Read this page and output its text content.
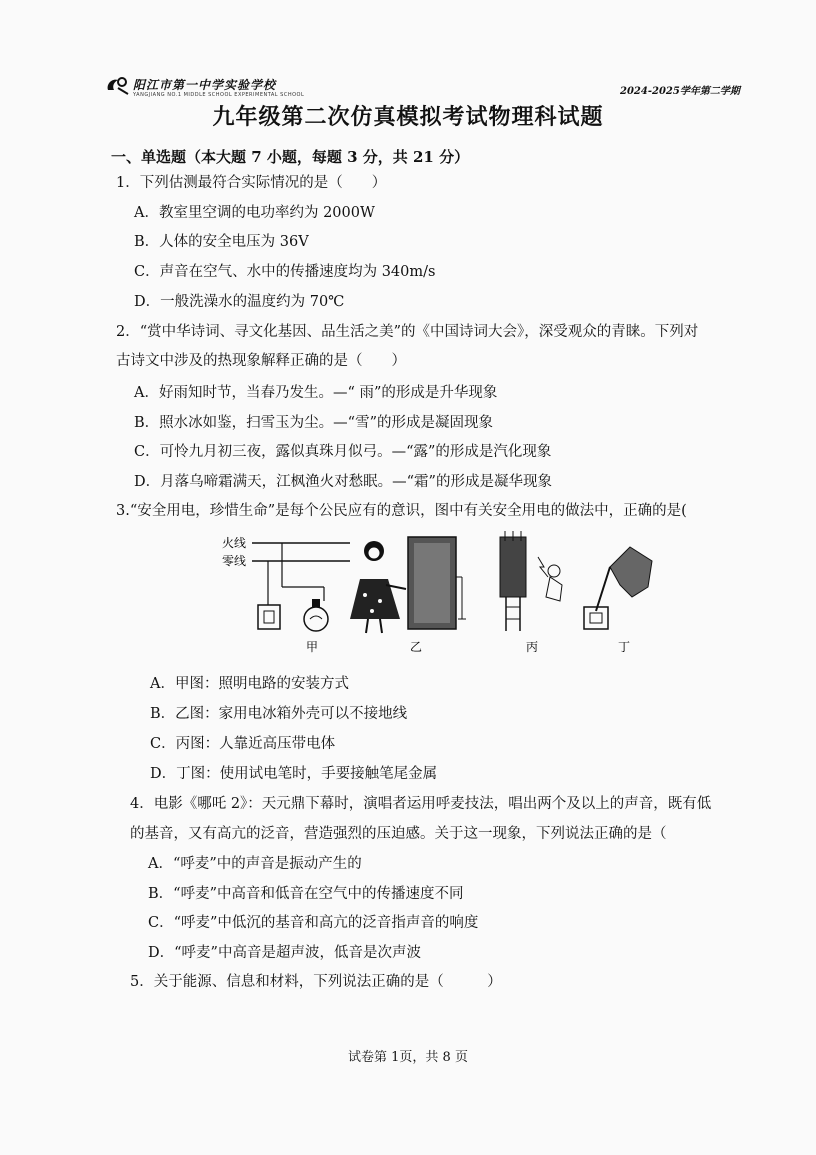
阳江市第一中学实验学校
YANGJIANG NO.1 MIDDLE SCHOOL EXPERIMENTAL SCHOOL	2024-2025学年第二学期
九年级第二次仿真模拟考试物理科试题
一、单选题（本大题 7 小题，每题 3 分，共 21 分）
1．下列估测最符合实际情况的是（　　）
A．教室里空调的电功率约为 2000W
B．人体的安全电压为 36V
C．声音在空气、水中的传播速度均为 340m/s
D．一般洗澡水的温度约为 70℃
2．“赏中华诗词、寻文化基因、品生活之美”的《中国诗词大会》，深受观众的青睐。下列对
古诗文中涉及的热现象解释正确的是（　　）
A．好雨知时节，当春乃发生。—“ 雨”的形成是升华现象
B．照水冰如鉴，扫雪玉为尘。—“雪”的形成是凝固现象
C．可怜九月初三夜，露似真珠月似弓。—“露”的形成是汽化现象
D．月落乌啼霜满天，江枫渔火对愁眠。—“霜”的形成是凝华现象
3.“安全用电，珍惜生命”是每个公民应有的意识，图中有关安全用电的做法中，正确的是(
火线
零线
甲	乙	丙	丁
A．甲图：照明电路的安装方式
B．乙图：家用电冰箱外壳可以不接地线
C．丙图：人靠近高压带电体
D．丁图：使用试电笔时，手要接触笔尾金属
4．电影《哪吒 2》：天元鼎下幕时，演唱者运用呼麦技法，唱出两个及以上的声音，既有低
的基音，又有高亢的泛音，营造强烈的压迫感。关于这一现象，下列说法正确的是（
A．“呼麦”中的声音是振动产生的
B．“呼麦”中高音和低音在空气中的传播速度不同
C．“呼麦”中低沉的基音和高亢的泛音指声音的响度
D．“呼麦”中高音是超声波，低音是次声波
5．关于能源、信息和材料，下列说法正确的是（　　　）
试卷第 1页，共 8 页
